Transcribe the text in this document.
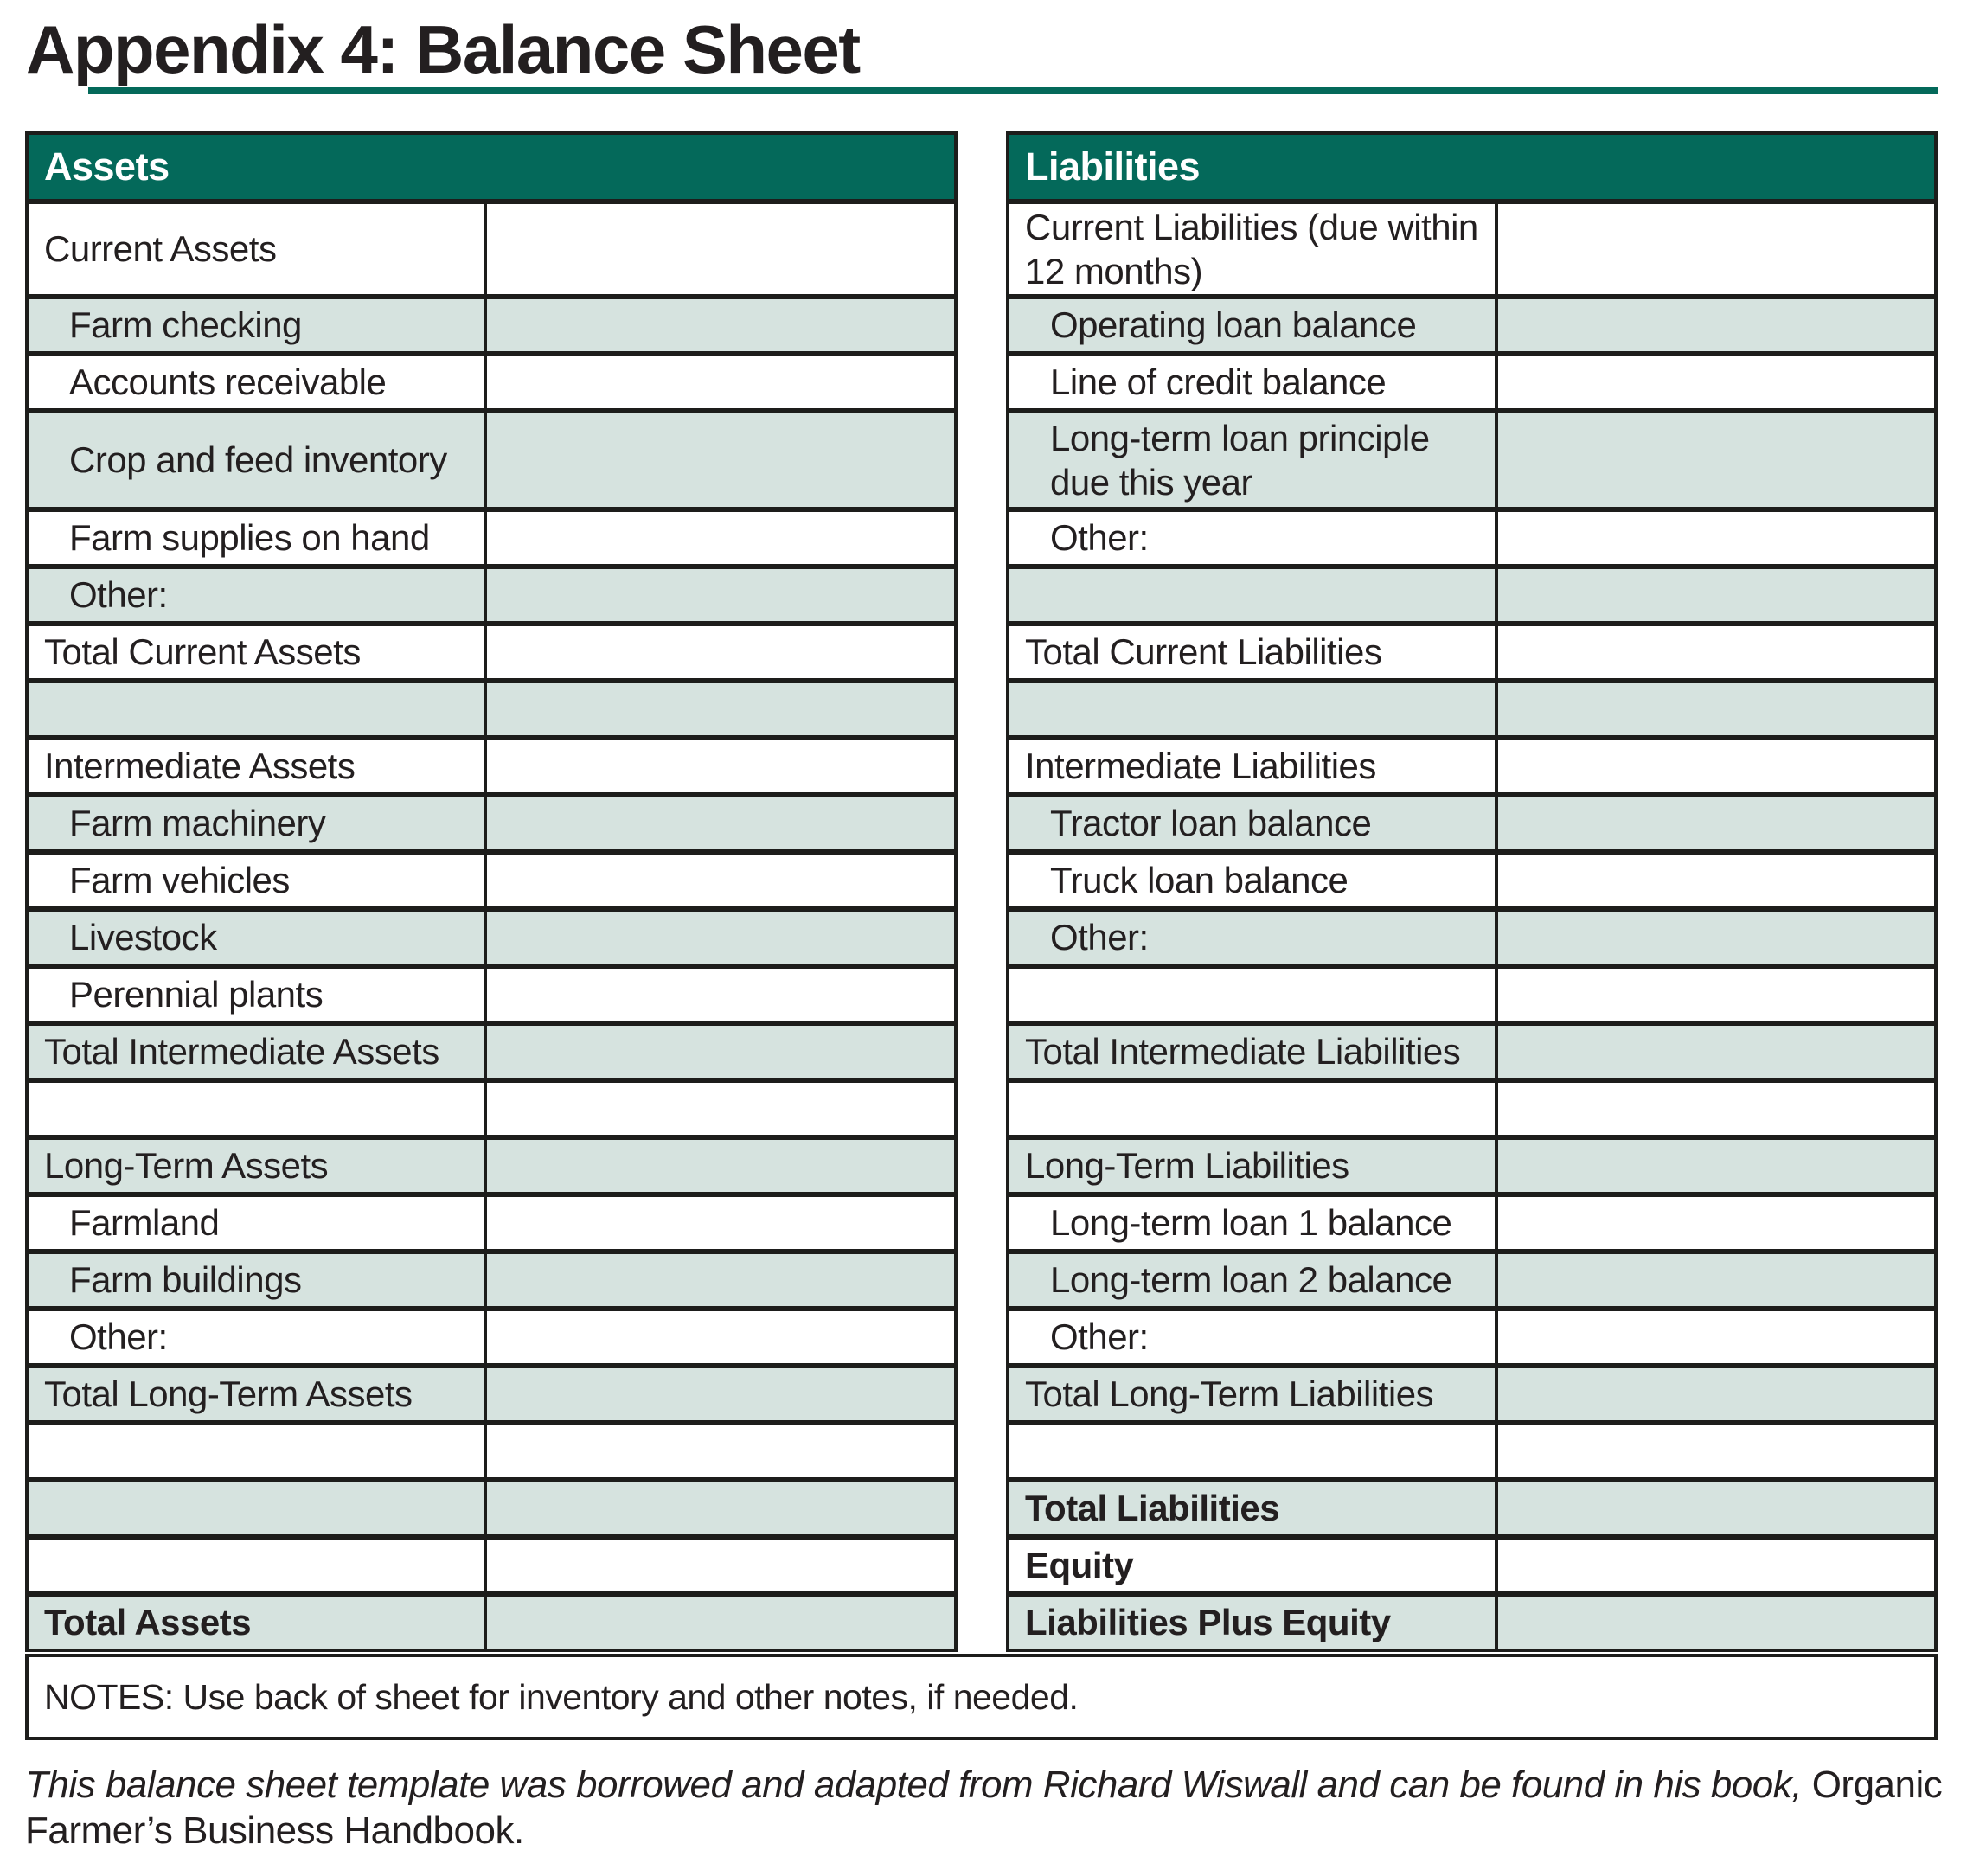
Appendix 4: Balance Sheet
Assets
Current Assets
Farm checking
Accounts receivable
Crop and feed inventory
Farm supplies on hand
Other:
Total Current Assets
Intermediate Assets
Farm machinery
Farm vehicles
Livestock
Perennial plants
Total Intermediate Assets
Long-Term Assets
Farmland
Farm buildings
Other:
Total Long-Term Assets
Total Assets
Liabilities
Current Liabilities (due within 12 months)
Operating loan balance
Line of credit balance
Long-term loan principle due this year
Other:
Total Current Liabilities
Intermediate Liabilities
Tractor loan balance
Truck loan balance
Other:
Total Intermediate Liabilities
Long-Term Liabilities
Long-term loan 1 balance
Long-term loan 2 balance
Other:
Total Long-Term Liabilities
Total Liabilities
Equity
Liabilities Plus Equity
NOTES: Use back of sheet for inventory and other notes, if needed.

This balance sheet template was borrowed and adapted from Richard Wiswall and can be found in his book, Organic Farmer’s Business Handbook.
